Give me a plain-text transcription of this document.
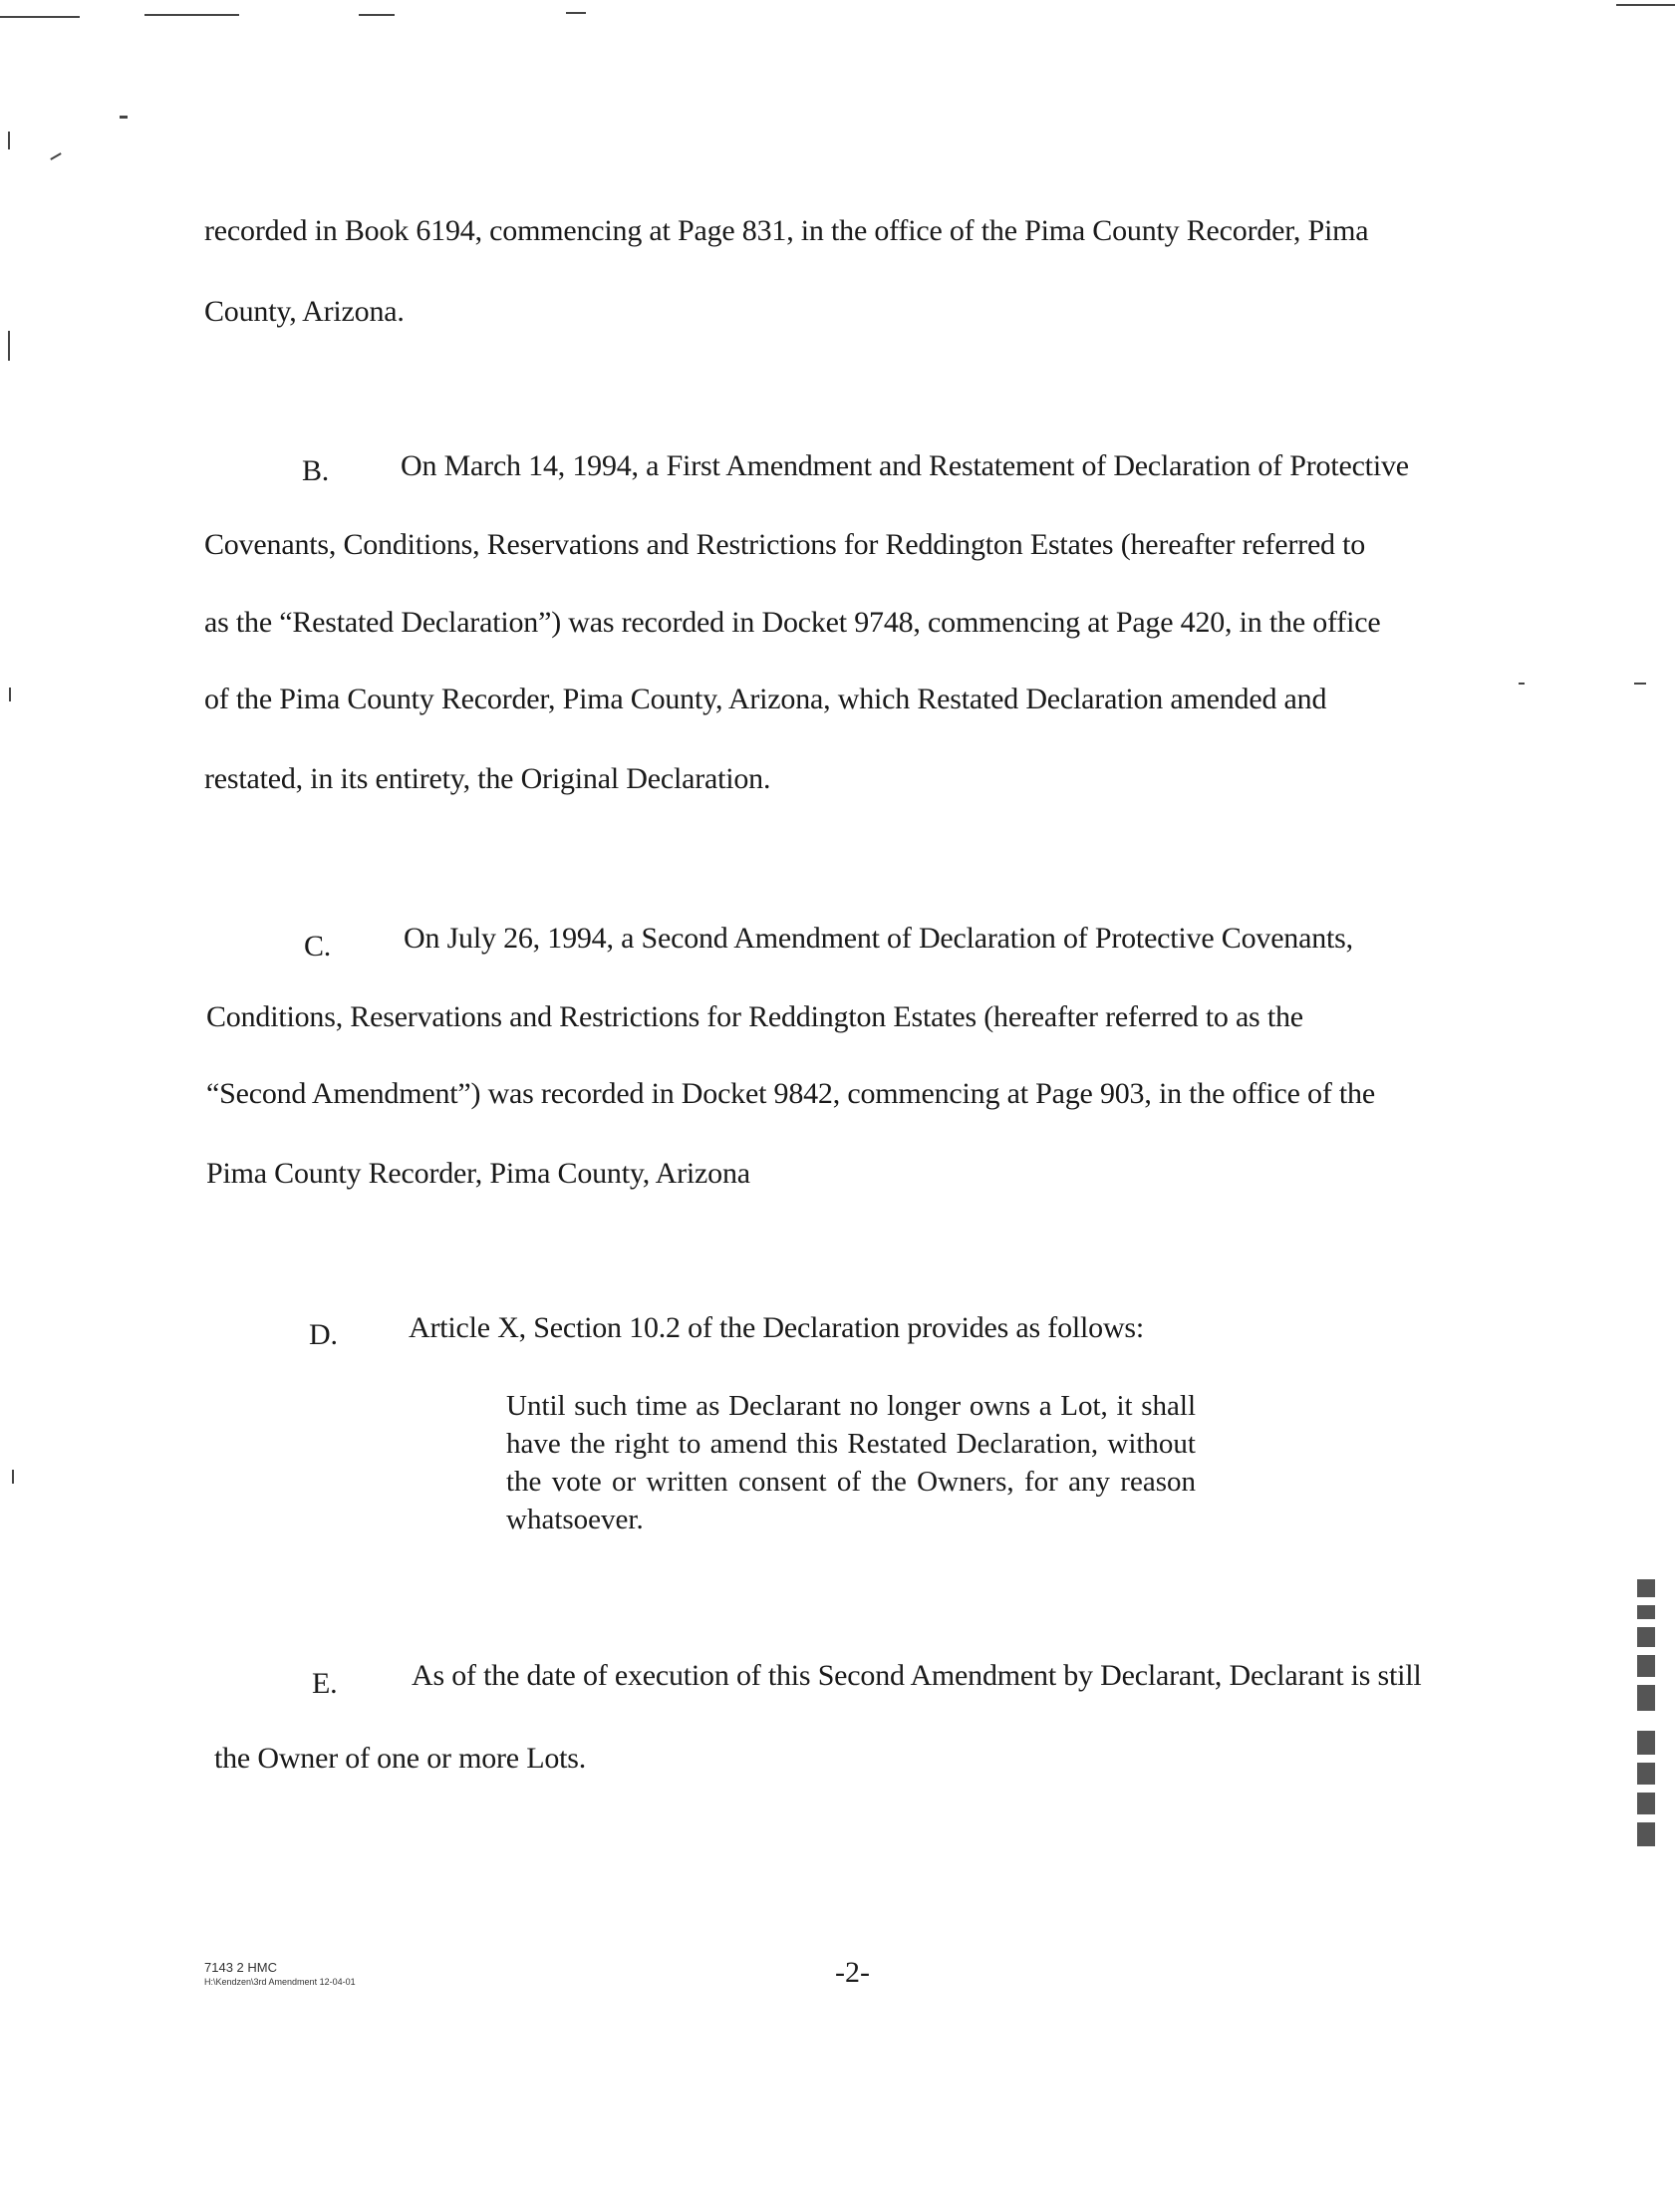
recorded in Book 6194, commencing at Page 831, in the office of the Pima County Recorder, Pima
County, Arizona.
B. On March 14, 1994, a First Amendment and Restatement of Declaration of Protective
Covenants, Conditions, Reservations and Restrictions for Reddington Estates (hereafter referred to
as the “Restated Declaration”) was recorded in Docket 9748, commencing at Page 420, in the office
of the Pima County Recorder, Pima County, Arizona, which Restated Declaration amended and
restated, in its entirety, the Original Declaration.
C. On July 26, 1994, a Second Amendment of Declaration of Protective Covenants,
Conditions, Reservations and Restrictions for Reddington Estates (hereafter referred to as the
“Second Amendment”) was recorded in Docket 9842, commencing at Page 903, in the office of the
Pima County Recorder, Pima County, Arizona
D. Article X, Section 10.2 of the Declaration provides as follows:
Until such time as Declarant no longer owns a Lot, it shall have the right to amend this Restated Declaration, without the vote or written consent of the Owners, for any reason whatsoever.
E. As of the date of execution of this Second Amendment by Declarant, Declarant is still
the Owner of one or more Lots.
7143 2 HMC
H:\Kendzen\3rd Amendment 12-04-01	-2-
